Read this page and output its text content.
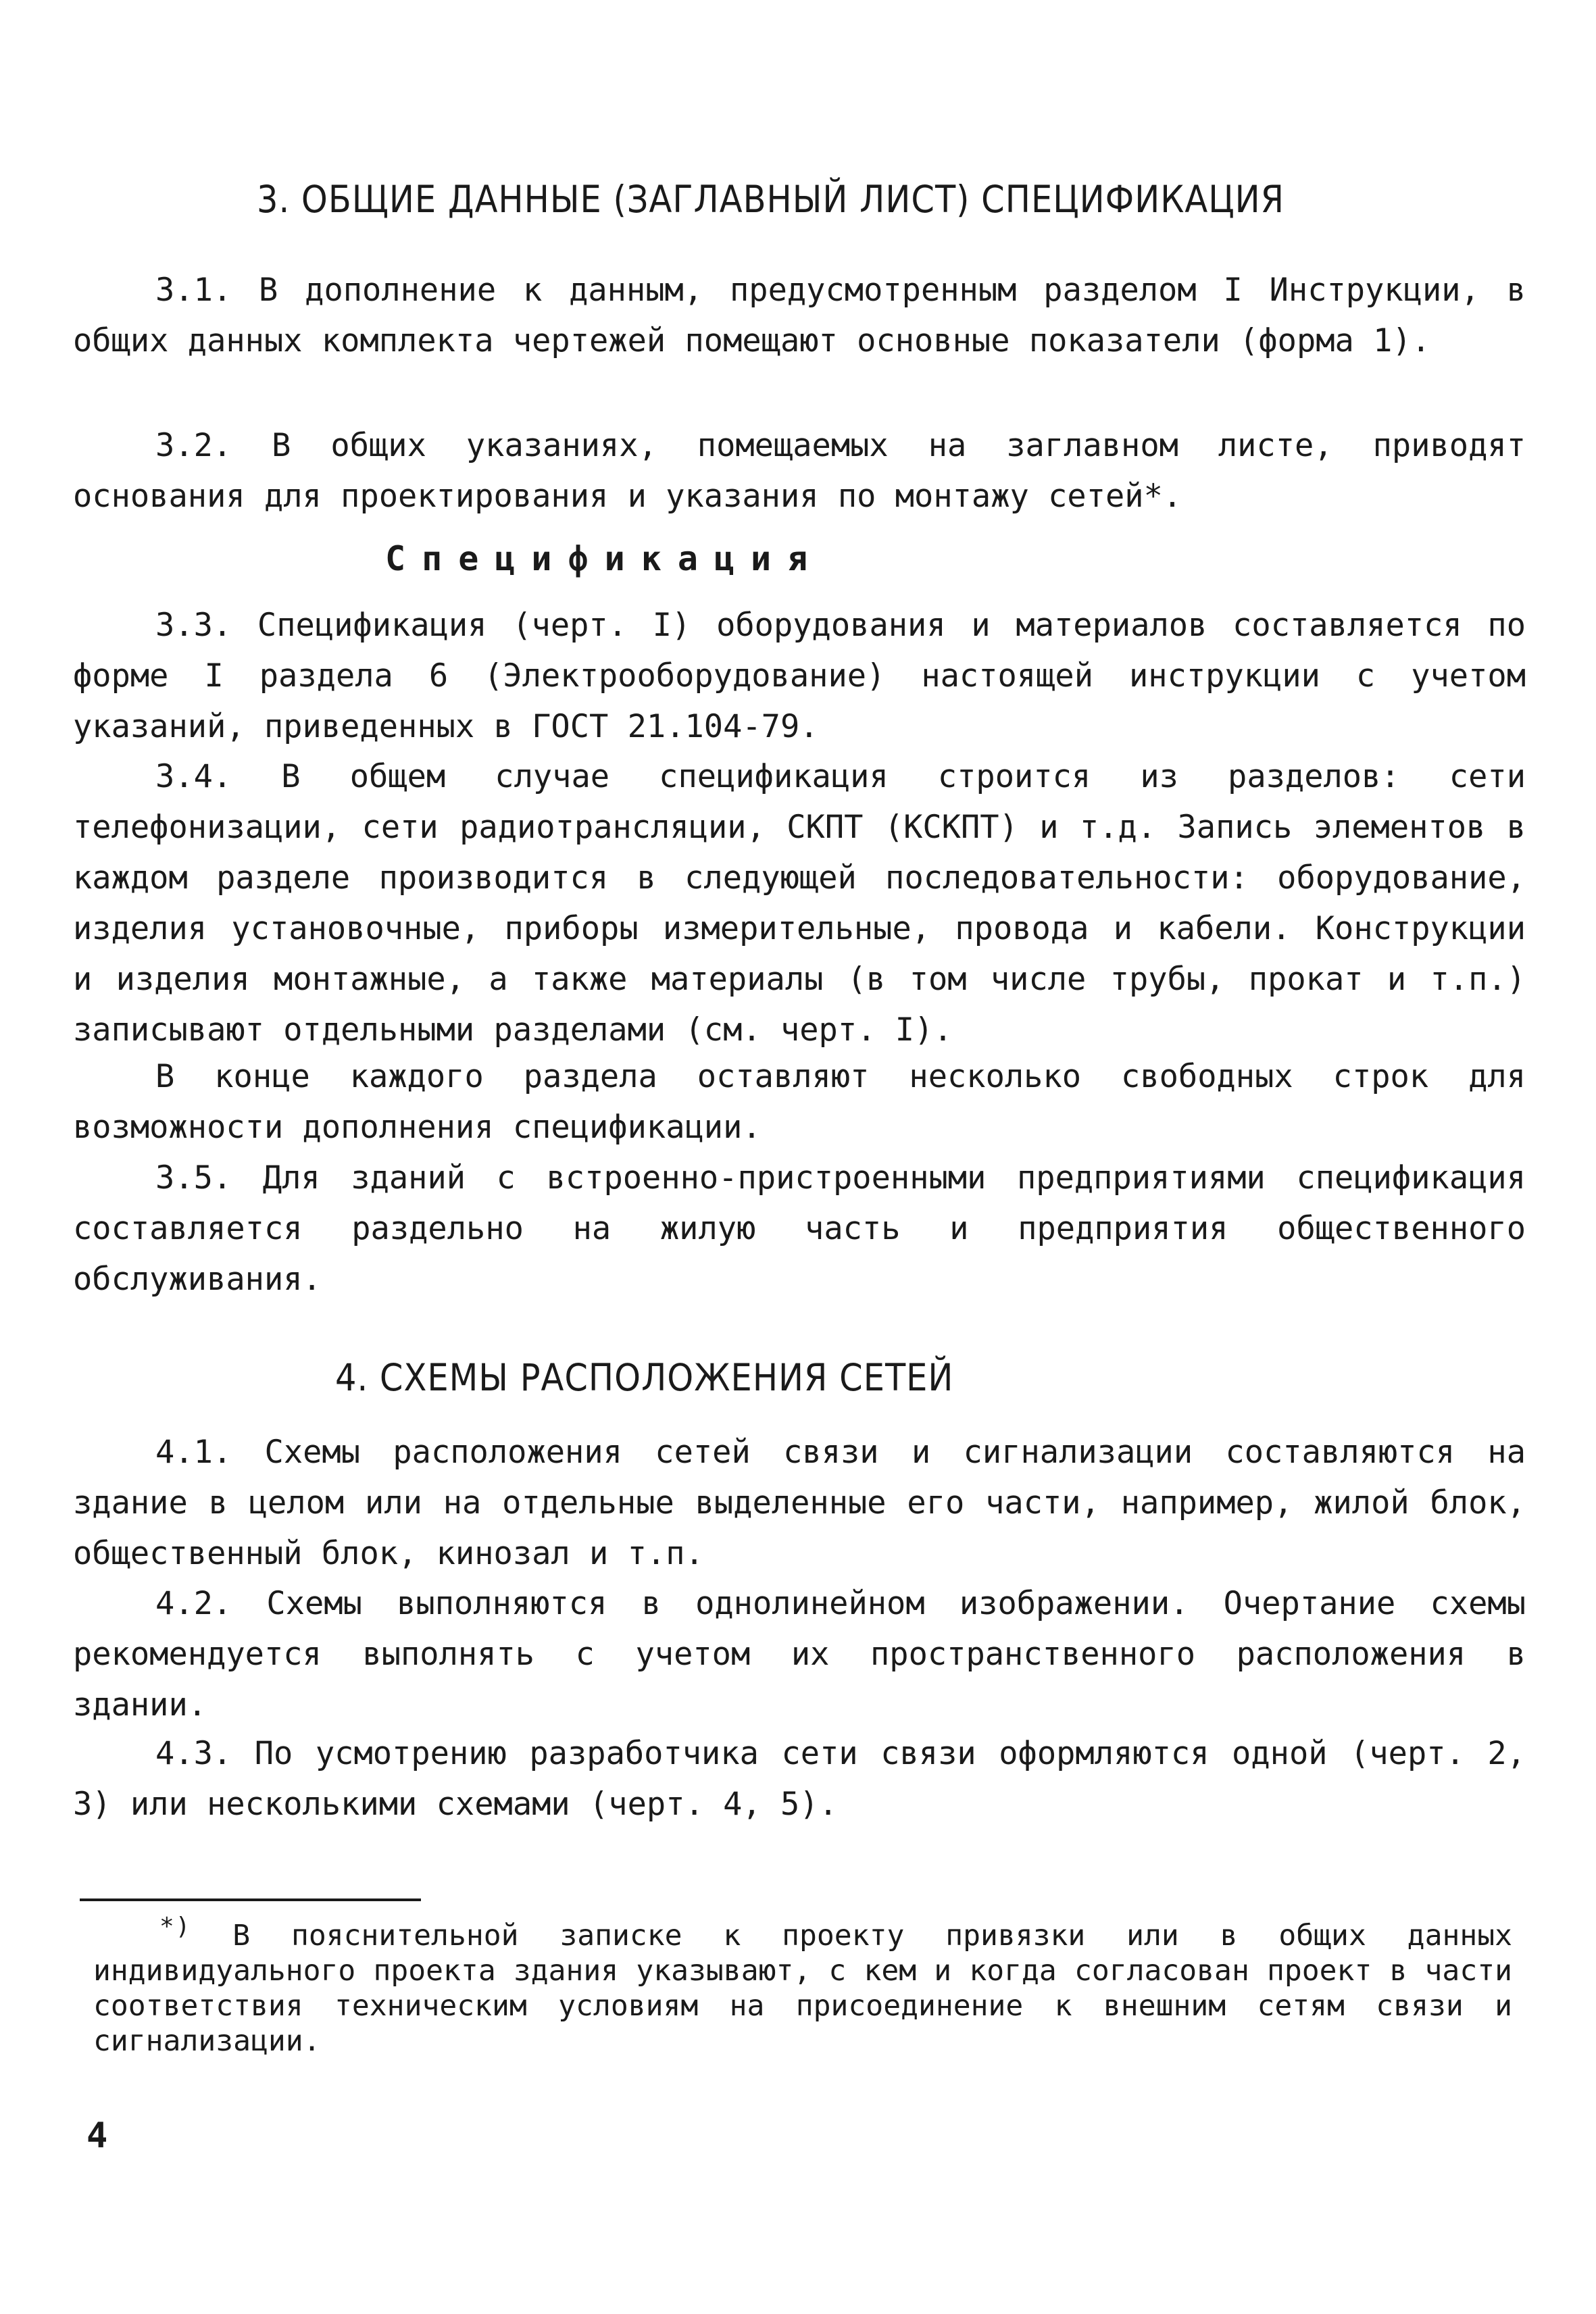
3. ОБЩИЕ ДАННЫЕ (ЗАГЛАВНЫЙ ЛИСТ) СПЕЦИФИКАЦИЯ

3.1. В дополнение к данным, предусмотренным разделом I Инструкции, в общих данных комплекта чертежей помещают основные показатели (форма 1).

3.2. В общих указаниях, помещаемых на заглавном листе, приводят основания для проектирования и указания по монтажу сетей*.

Спецификация

3.3. Спецификация (черт. I) оборудования и материалов составляется по форме I раздела 6 (Электрооборудование) настоящей инструкции с учетом указаний, приведенных в ГОСТ 21.104-79.

3.4. В общем случае спецификация строится из разделов: сети телефонизации, сети радиотрансляции, СКПТ (КСКПТ) и т.д. Запись элементов в каждом разделе производится в следующей последовательности: оборудование, изделия установочные, приборы измерительные, провода и кабели. Конструкции и изделия монтажные, а также материалы (в том числе трубы, прокат и т.п.) записывают отдельными разделами (см. черт. I).

В конце каждого раздела оставляют несколько свободных строк для возможности дополнения спецификации.

3.5. Для зданий с встроенно-пристроенными предприятиями спецификация составляется раздельно на жилую часть и предприятия общественного обслуживания.

4. СХЕМЫ РАСПОЛОЖЕНИЯ СЕТЕЙ

4.1. Схемы расположения сетей связи и сигнализации составляются на здание в целом или на отдельные выделенные его части, например, жилой блок, общественный блок, кинозал и т.п.

4.2. Схемы выполняются в однолинейном изображении. Очертание схемы рекомендуется выполнять с учетом их пространственного расположения в здании.

4.3. По усмотрению разработчика сети связи оформляются одной (черт. 2, 3) или несколькими схемами (черт. 4, 5).

*) В пояснительной записке к проекту привязки или в общих данных индивидуального проекта здания указывают, с кем и когда согласован проект в части соответствия техническим условиям на присоединение к внешним сетям связи и сигнализации.

4
